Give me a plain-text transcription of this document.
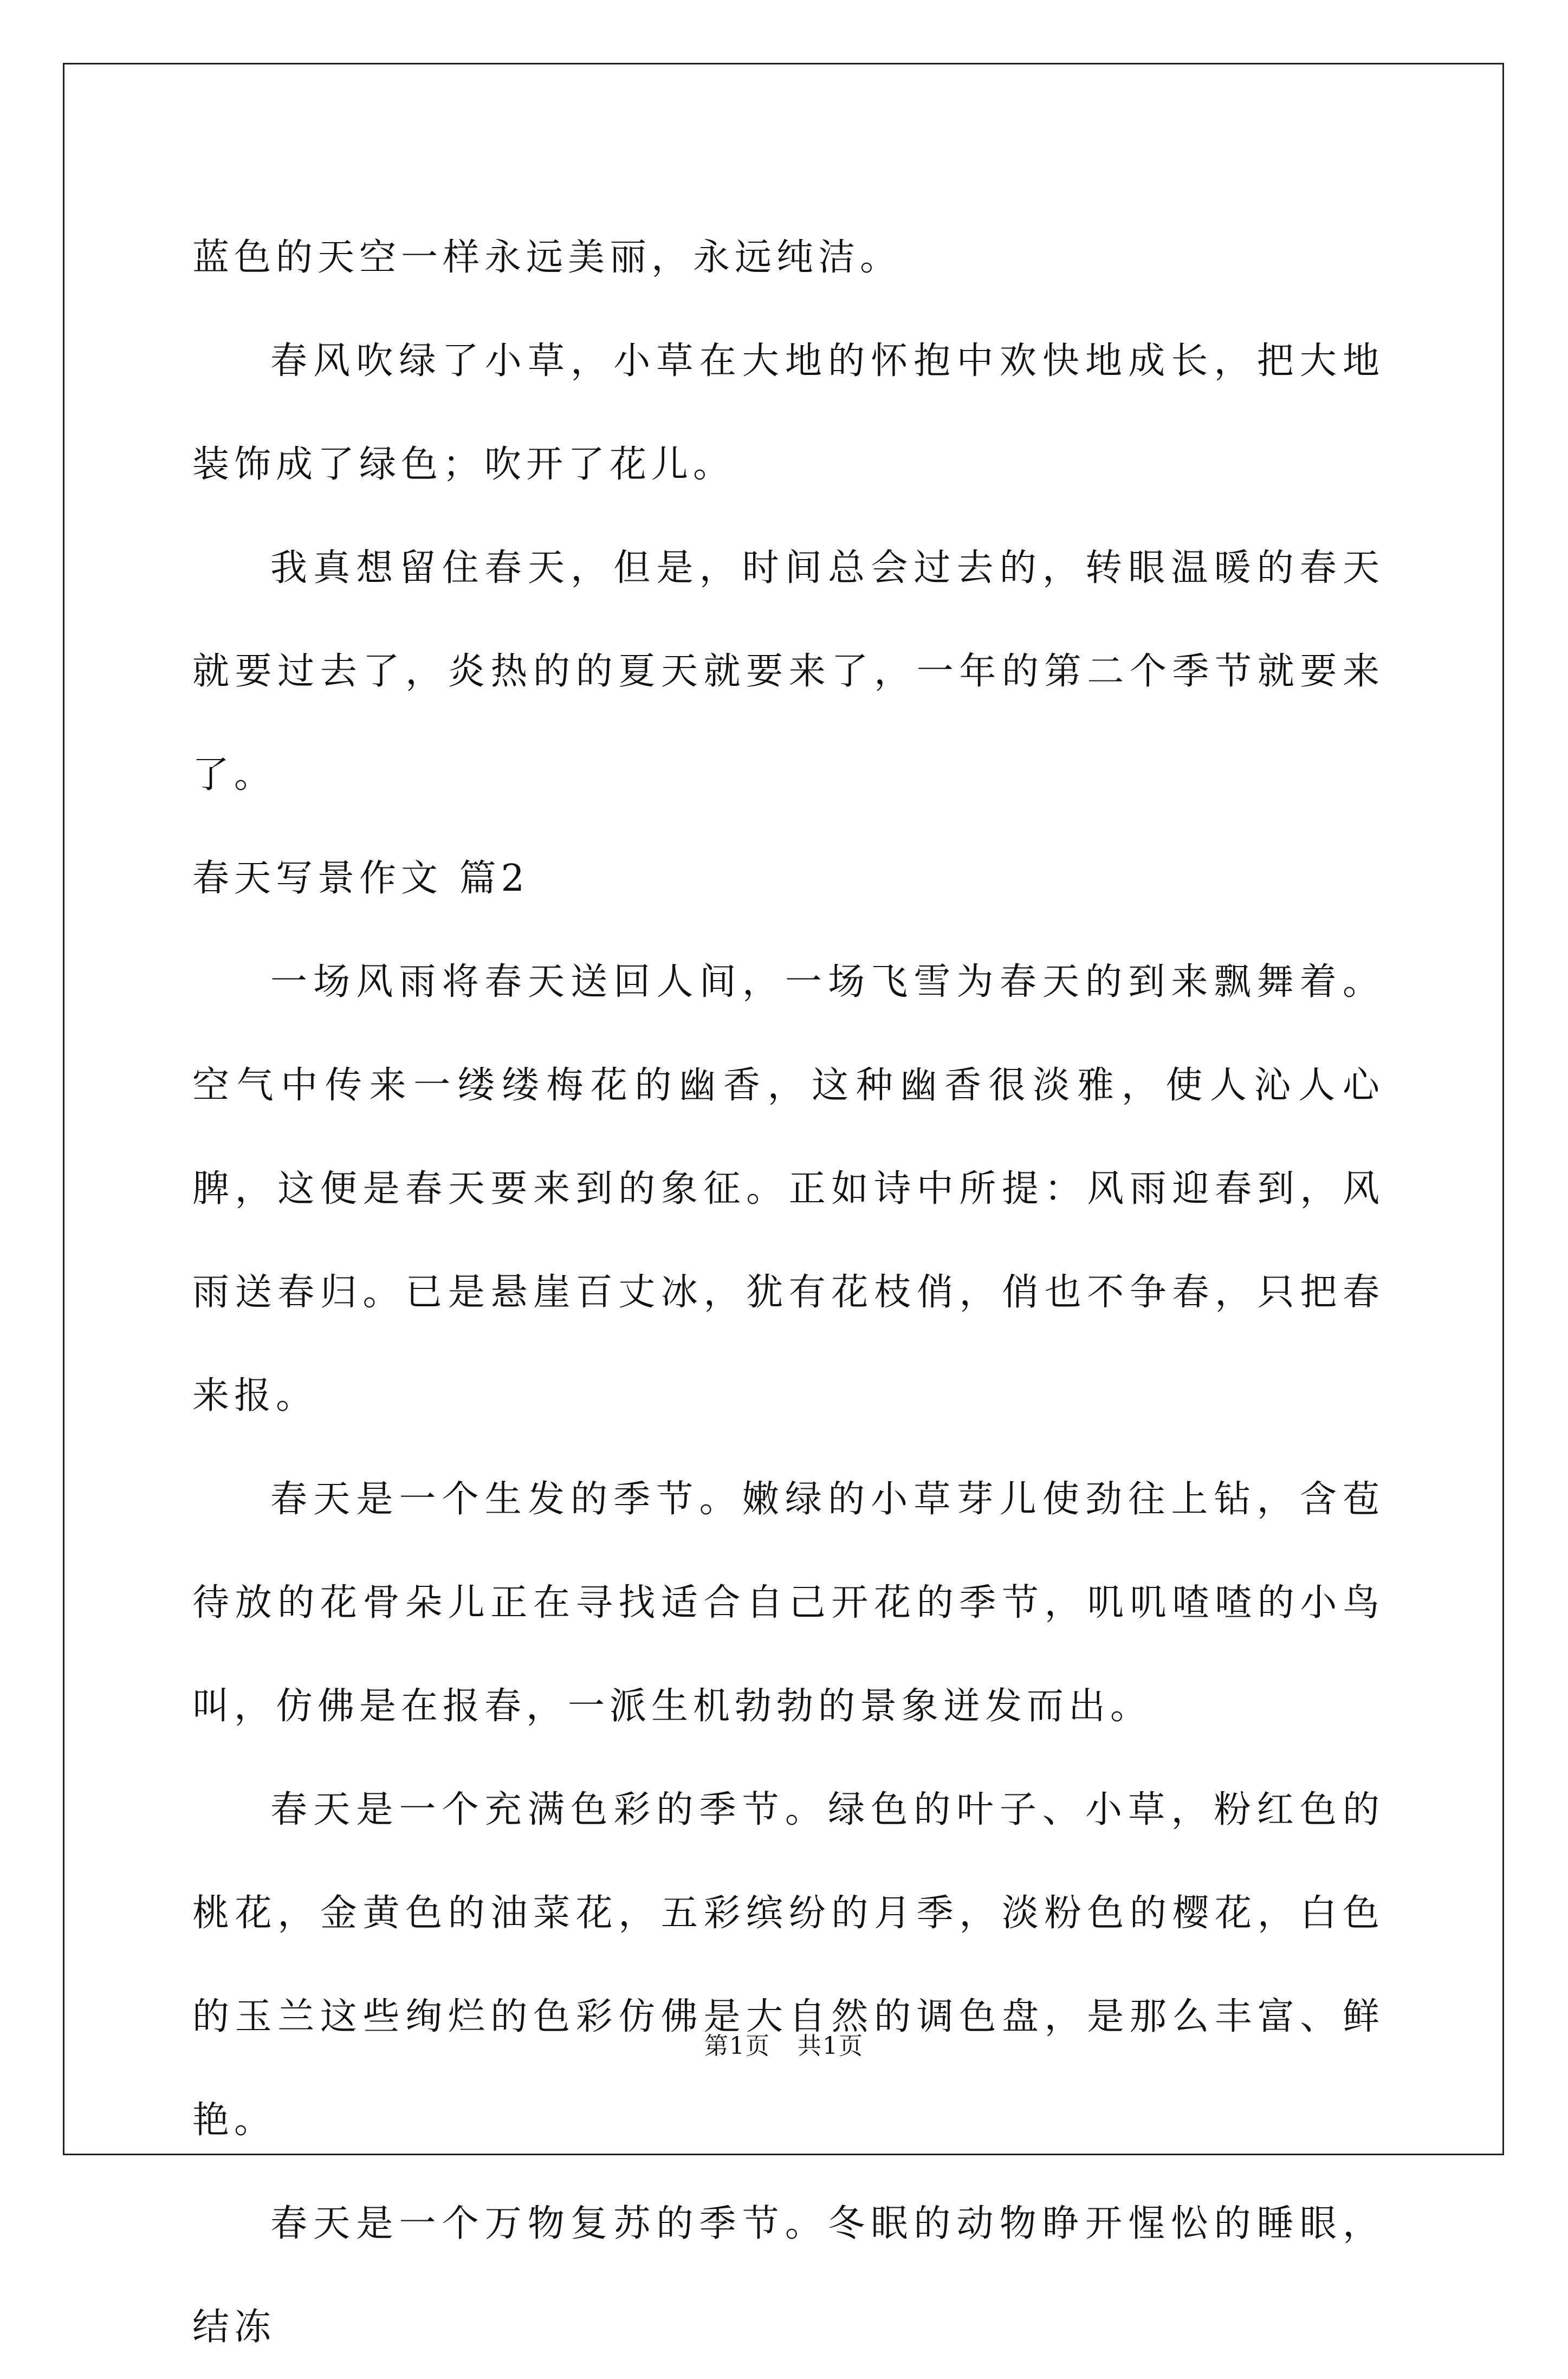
蓝色的天空一样永远美丽，永远纯洁。

春风吹绿了小草，小草在大地的怀抱中欢快地成长，把大地装饰成了绿色；吹开了花儿。

我真想留住春天，但是，时间总会过去的，转眼温暖的春天就要过去了，炎热的的夏天就要来了，一年的第二个季节就要来了。

春天写景作文 篇2

一场风雨将春天送回人间，一场飞雪为春天的到来飘舞着。空气中传来一缕缕梅花的幽香，这种幽香很淡雅，使人沁人心脾，这便是春天要来到的象征。正如诗中所提：风雨迎春到，风雨送春归。已是悬崖百丈冰，犹有花枝俏，俏也不争春，只把春来报。

春天是一个生发的季节。嫩绿的小草芽儿使劲往上钻，含苞待放的花骨朵儿正在寻找适合自己开花的季节，叽叽喳喳的小鸟叫，仿佛是在报春，一派生机勃勃的景象迸发而出。

春天是一个充满色彩的季节。绿色的叶子、小草，粉红色的桃花，金黄色的油菜花，五彩缤纷的月季，淡粉色的樱花，白色的玉兰这些绚烂的色彩仿佛是大自然的调色盘，是那么丰富、鲜艳。

春天是一个万物复苏的季节。冬眠的动物睁开惺忪的睡眼，结冻

第1页 共1页
